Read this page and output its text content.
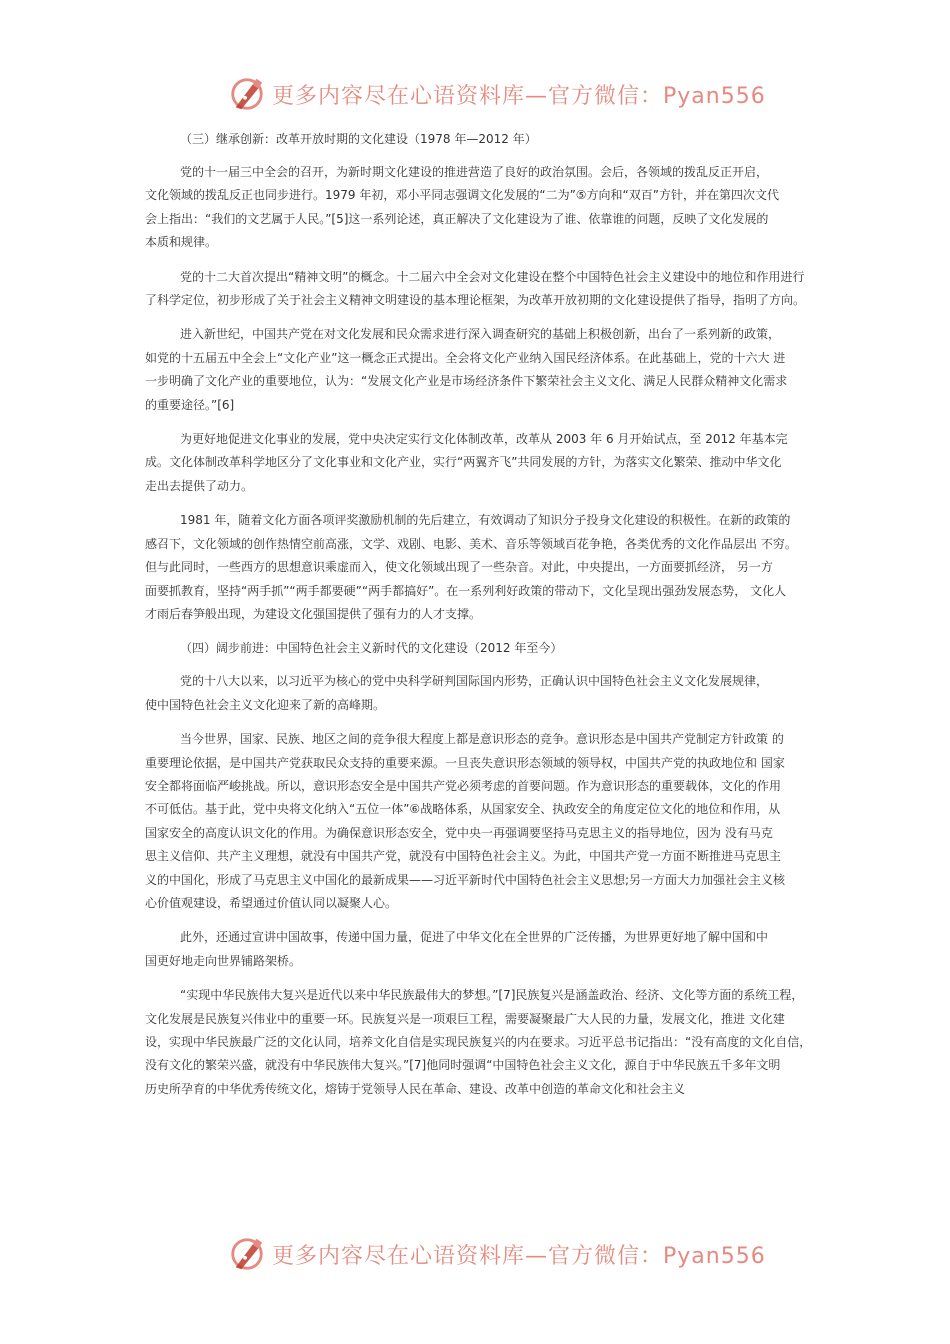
更多内容尽在心语资料库—官方微信：Pyan556
（三）继承创新：改革开放时期的文化建设（1978 年—2012 年）
党的十一届三中全会的召开，为新时期文化建设的推进营造了良好的政治氛围。会后，各领域的拨乱反正开启，
文化领域的拨乱反正也同步进行。1979 年初，邓小平同志强调文化发展的“二为”⑤方向和“双百”方针，并在第四次文代
会上指出：“我们的文艺属于人民。”[5]这一系列论述，真正解决了文化建设为了谁、依靠谁的问题，反映了文化发展的
本质和规律。
党的十二大首次提出“精神文明”的概念。十二届六中全会对文化建设在整个中国特色社会主义建设中的地位和作用进行
了科学定位，初步形成了关于社会主义精神文明建设的基本理论框架，为改革开放初期的文化建设提供了指导，指明了方向。
进入新世纪，中国共产党在对文化发展和民众需求进行深入调查研究的基础上积极创新，出台了一系列新的政策，
如党的十五届五中全会上“文化产业”这一概念正式提出。全会将文化产业纳入国民经济体系。在此基础上，党的十六大 进
一步明确了文化产业的重要地位，认为：“发展文化产业是市场经济条件下繁荣社会主义文化、满足人民群众精神文化需求
的重要途径。”[6]
为更好地促进文化事业的发展，党中央决定实行文化体制改革，改革从 2003 年 6 月开始试点，至 2012 年基本完
成。文化体制改革科学地区分了文化事业和文化产业，实行“两翼齐飞”共同发展的方针，为落实文化繁荣、推动中华文化
走出去提供了动力。
1981 年，随着文化方面各项评奖激励机制的先后建立，有效调动了知识分子投身文化建设的积极性。在新的政策的
感召下，文化领域的创作热情空前高涨，文学、戏剧、电影、美术、音乐等领域百花争艳，各类优秀的文化作品层出 不穷。
但与此同时，一些西方的思想意识乘虚而入，使文化领域出现了一些杂音。对此，中央提出，一方面要抓经济， 另一方
面要抓教育，坚持“两手抓”“两手都要硬”“两手都搞好”。在一系列利好政策的带动下，文化呈现出强劲发展态势， 文化人
才雨后春笋般出现，为建设文化强国提供了强有力的人才支撑。
（四）阔步前进：中国特色社会主义新时代的文化建设（2012 年至今）
党的十八大以来，以习近平为核心的党中央科学研判国际国内形势，正确认识中国特色社会主义文化发展规律，
使中国特色社会主义文化迎来了新的高峰期。
当今世界，国家、民族、地区之间的竞争很大程度上都是意识形态的竞争。意识形态是中国共产党制定方针政策 的
重要理论依据，是中国共产党获取民众支持的重要来源。一旦丧失意识形态领域的领导权，中国共产党的执政地位和 国家
安全都将面临严峻挑战。所以，意识形态安全是中国共产党必须考虑的首要问题。作为意识形态的重要载体，文化的作用
不可低估。基于此，党中央将文化纳入“五位一体”⑥战略体系，从国家安全、执政安全的角度定位文化的地位和作用，从
国家安全的高度认识文化的作用。为确保意识形态安全，党中央一再强调要坚持马克思主义的指导地位，因为 没有马克
思主义信仰、共产主义理想，就没有中国共产党，就没有中国特色社会主义。为此，中国共产党一方面不断推进马克思主
义的中国化，形成了马克思主义中国化的最新成果——习近平新时代中国特色社会主义思想;另一方面大力加强社会主义核
心价值观建设，希望通过价值认同以凝聚人心。
此外，还通过宣讲中国故事，传递中国力量，促进了中华文化在全世界的广泛传播，为世界更好地了解中国和中
国更好地走向世界铺路架桥。
“实现中华民族伟大复兴是近代以来中华民族最伟大的梦想。”[7]民族复兴是涵盖政治、经济、文化等方面的系统工程，
文化发展是民族复兴伟业中的重要一环。民族复兴是一项艰巨工程，需要凝聚最广大人民的力量，发展文化，推进 文化建
设，实现中华民族最广泛的文化认同，培养文化自信是实现民族复兴的内在要求。习近平总书记指出：“没有高度的文化自信，
没有文化的繁荣兴盛，就没有中华民族伟大复兴。”[7]他同时强调“中国特色社会主义文化，源自于中华民族五千多年文明
历史所孕育的中华优秀传统文化，熔铸于党领导人民在革命、建设、改革中创造的革命文化和社会主义
更多内容尽在心语资料库—官方微信：Pyan556
